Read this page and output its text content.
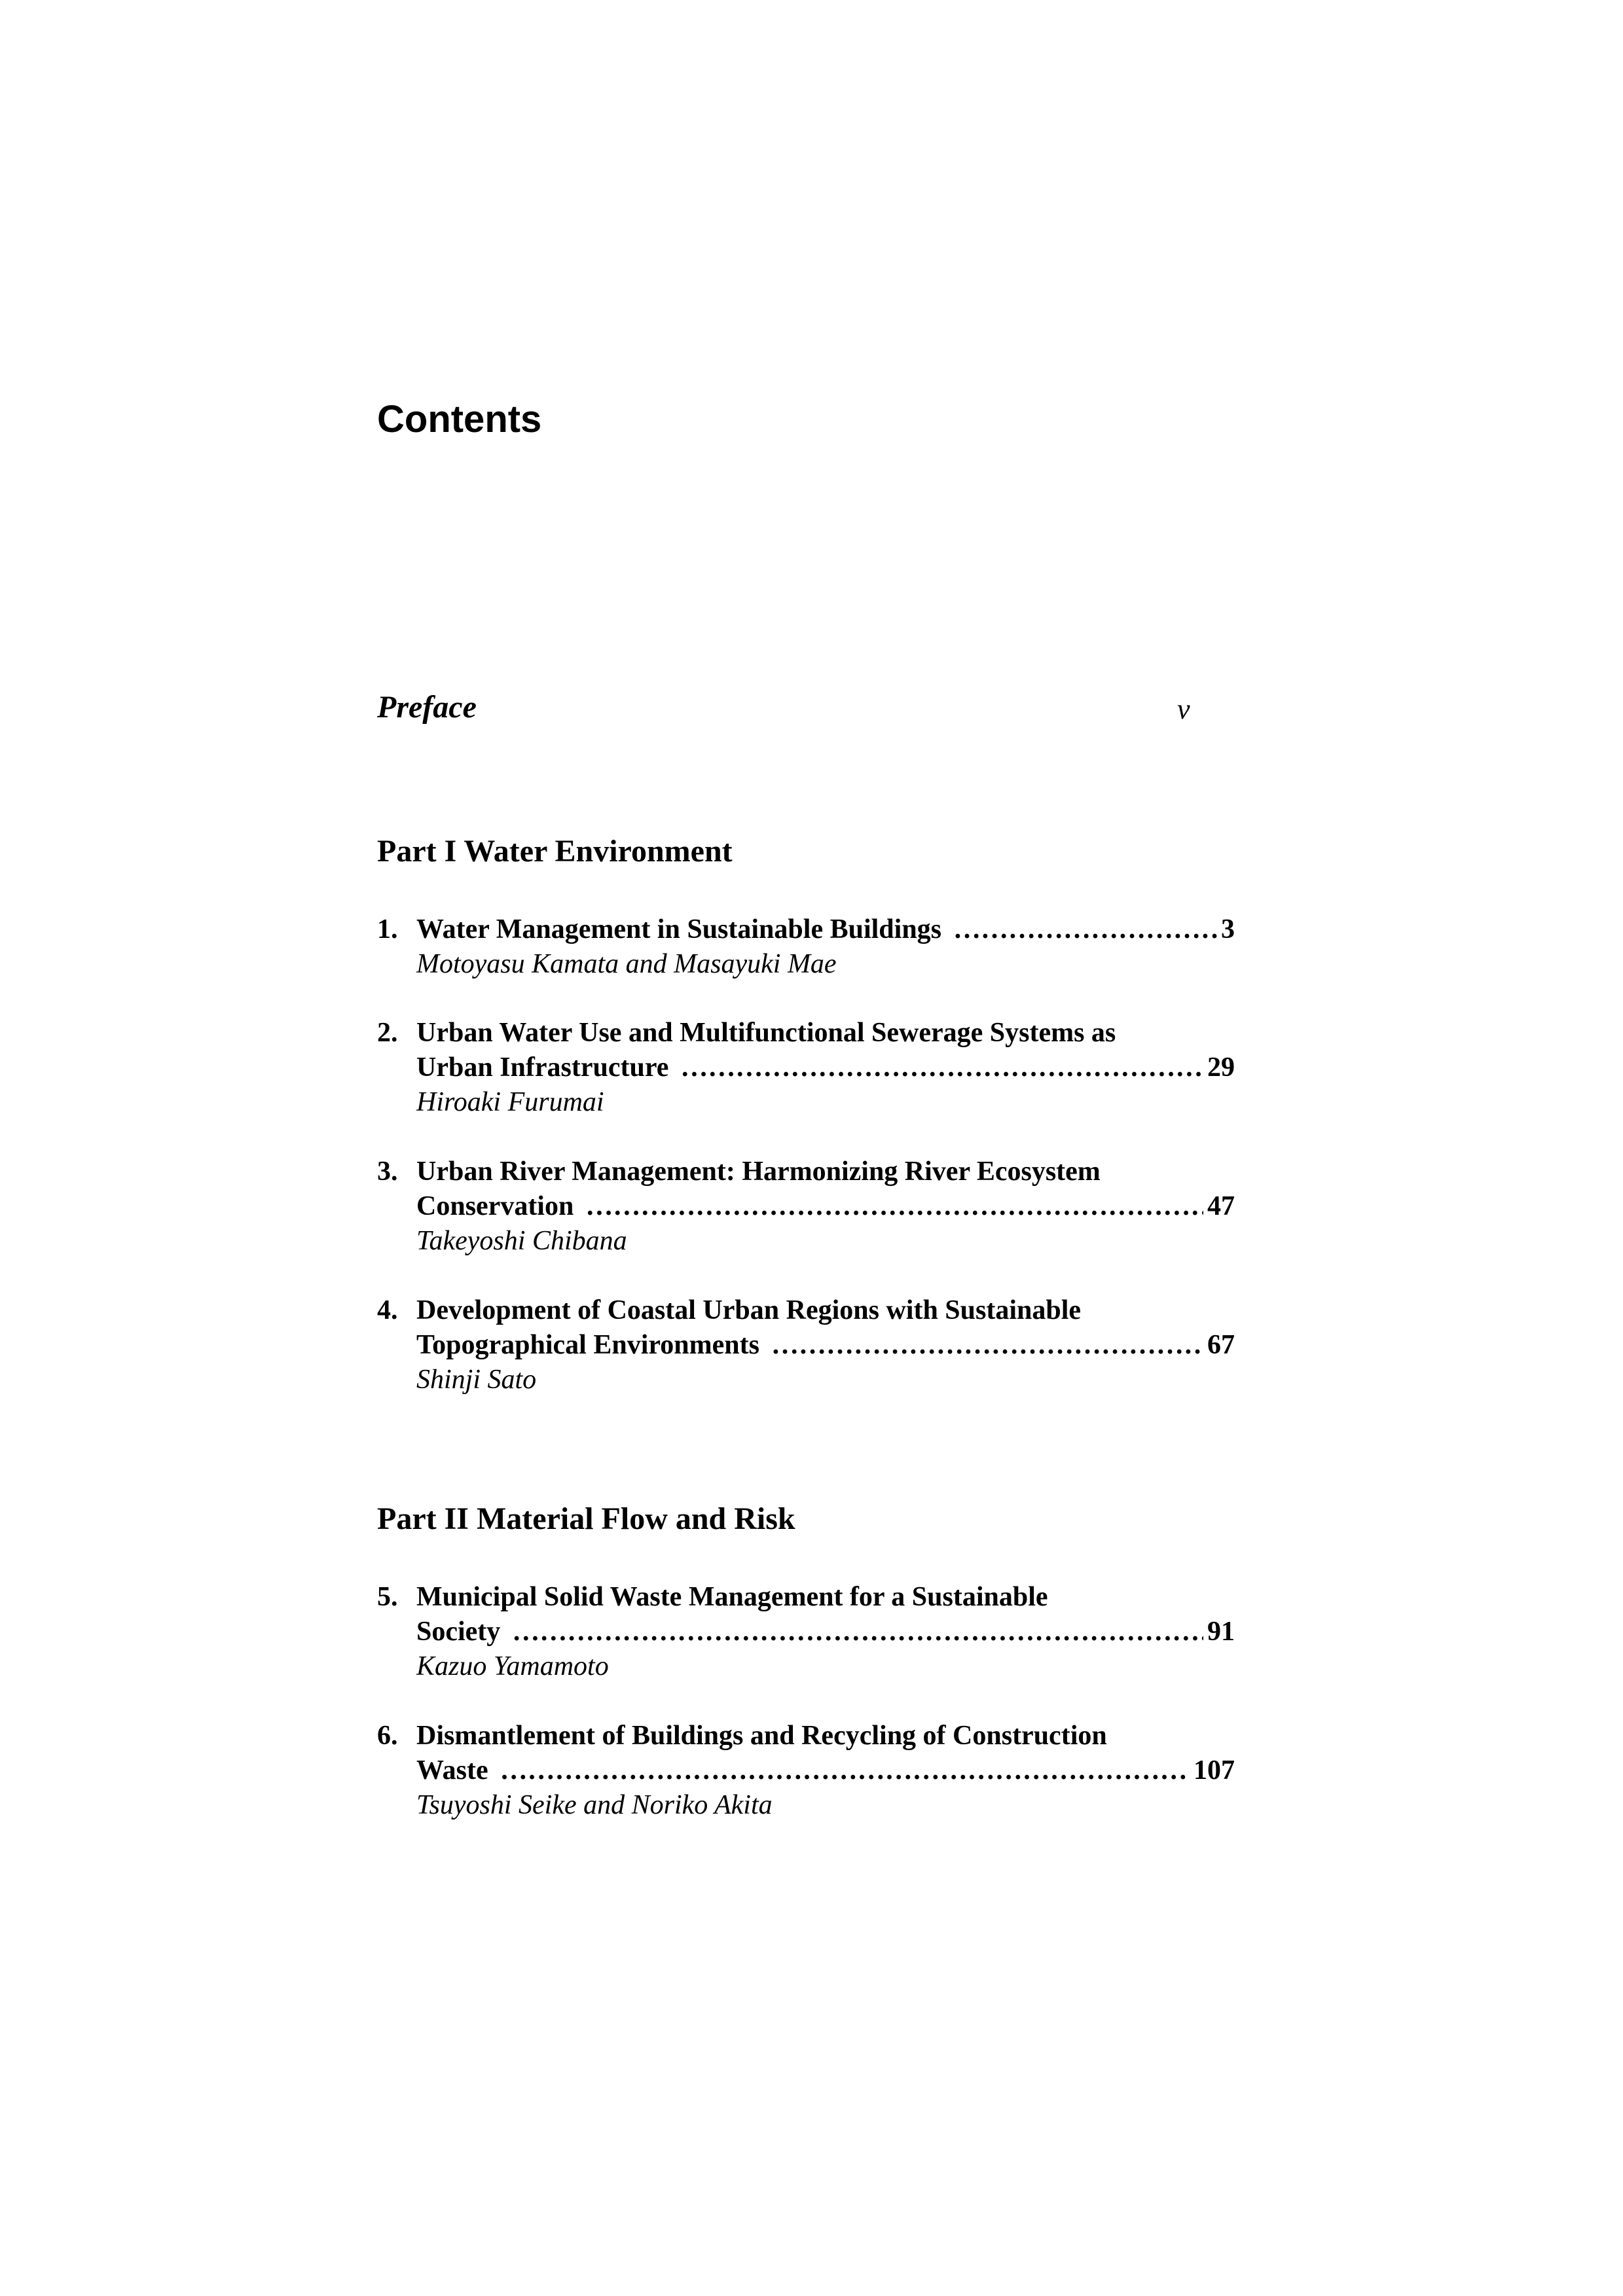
Contents
Preface	v
Part I Water Environment
1. Water Management in Sustainable Buildings ……………………………………………………………………………………………………………………	3
Motoyasu Kamata and Masayuki Mae
2. Urban Water Use and Multifunctional Sewerage Systems as
Urban Infrastructure ……………………………………………………………………………………………………………………	29
Hiroaki Furumai
3. Urban River Management: Harmonizing River Ecosystem
Conservation ……………………………………………………………………………………………………………………	47
Takeyoshi Chibana
4. Development of Coastal Urban Regions with Sustainable
Topographical Environments ……………………………………………………………………………………………………………………	67
Shinji Sato
Part II Material Flow and Risk
5. Municipal Solid Waste Management for a Sustainable
Society ……………………………………………………………………………………………………………………	91
Kazuo Yamamoto
6. Dismantlement of Buildings and Recycling of Construction
Waste ……………………………………………………………………………………………………………………	107
Tsuyoshi Seike and Noriko Akita
